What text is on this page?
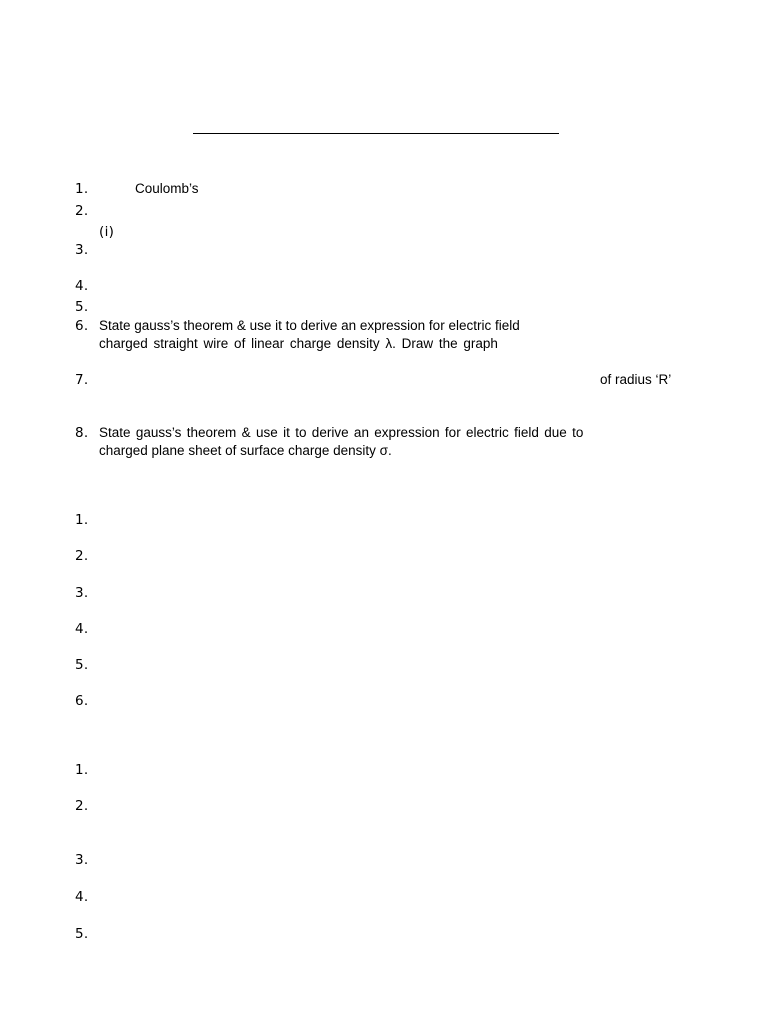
1.	Coulomb’s
2.
(i)
3.
4.
5.
6. State gauss’s theorem & use it to derive an expression for electric field
charged straight wire of linear charge density λ. Draw the graph
7.	of radius ‘R’
8. State gauss’s theorem & use it to derive an expression for electric field due to
charged plane sheet of surface charge density σ.
1.
2.
3.
4.
5.
6.
1.
2.
3.
4.
5.
